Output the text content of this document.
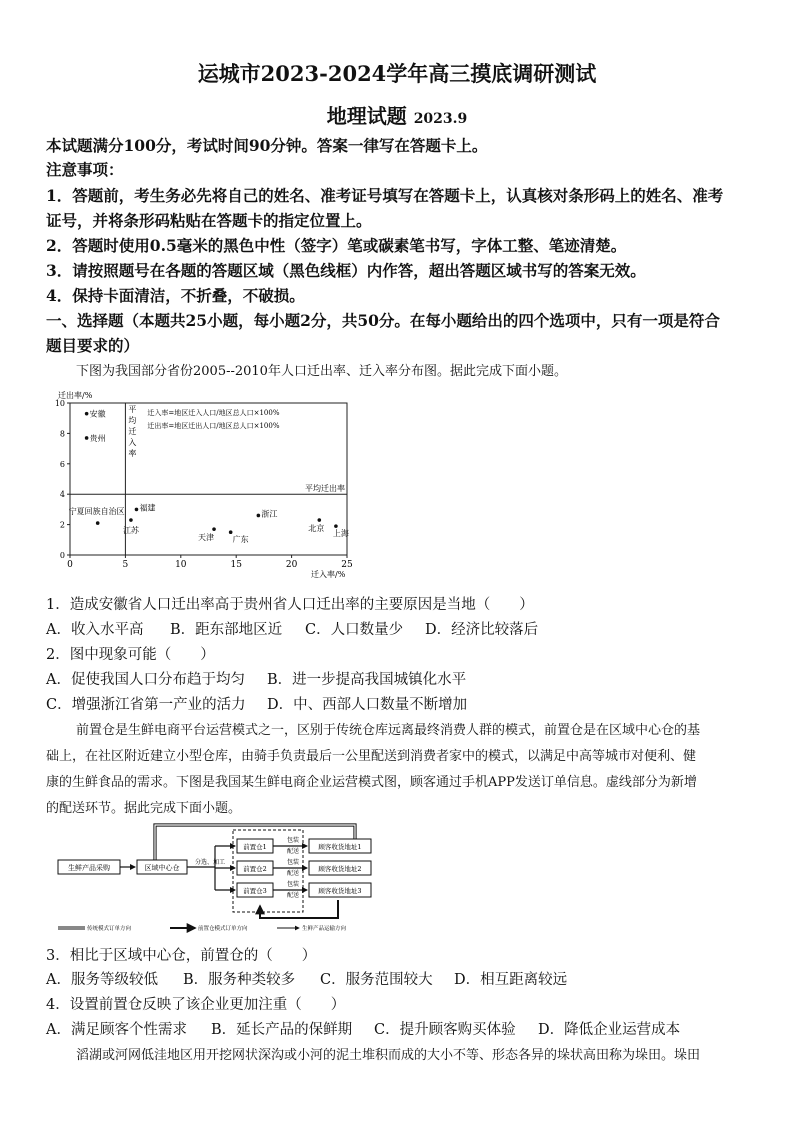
运城市2023-2024学年高三摸底调研测试
地理试题 2023.9
本试题满分100分，考试时间90分钟。答案一律写在答题卡上。
注意事项：
1．答题前，考生务必先将自己的姓名、准考证号填写在答题卡上，认真核对条形码上的姓名、准考
证号，并将条形码粘贴在答题卡的指定位置上。
2．答题时使用0.5毫米的黑色中性（签字）笔或碳素笔书写，字体工整、笔迹清楚。
3．请按照题号在各题的答题区域（黑色线框）内作答，超出答题区域书写的答案无效。
4．保持卡面清洁，不折叠，不破损。
一、选择题（本题共25小题，每小题2分，共50分。在每小题给出的四个选项中，只有一项是符合
题目要求的）
下图为我国部分省份2005--2010年人口迁出率、迁入率分布图。据此完成下面小题。
0	5	10	15	20	25
0
2
4
6
8
10
迁出率/%
迁入率/%
平
均
迁
入
率
平均迁出率
迁入率=地区迁入人口/地区总人口×100%
迁出率=地区迁出人口/地区总人口×100%
安徽
贵州
宁夏回族自治区 福建
江苏
天津 广东
浙江
北京
上海
1．造成安徽省人口迁出率高于贵州省人口迁出率的主要原因是当地（　　）
A．收入水平高 B．距东部地区近 C．人口数量少 D．经济比较落后
2．图中现象可能（　　）
A．促使我国人口分布趋于均匀 B．进一步提高我国城镇化水平
C．增强浙江省第一产业的活力 D．中、西部人口数量不断增加
前置仓是生鲜电商平台运营模式之一，区别于传统仓库远离最终消费人群的模式，前置仓是在区域中心仓的基
础上，在社区附近建立小型仓库，由骑手负责最后一公里配送到消费者家中的模式，以满足中高等城市对便利、健
康的生鲜食品的需求。下图是我国某生鲜电商企业运营模式图，顾客通过手机APP发送订单信息。虚线部分为新增
的配送环节。据此完成下面小题。
生鲜产品采购	区域中心仓
分选、加工
前置仓1
前置仓2
前置仓3
包装
配送
包装
配送
包装
配送
顾客收货地址1
顾客收货地址2
顾客收货地址3
传统模式订单方向	前置仓模式订单方向	生鲜产品运输方向
3．相比于区域中心仓，前置仓的（　　）
A．服务等级较低 B．服务种类较多 C．服务范围较大 D．相互距离较远
4．设置前置仓反映了该企业更加注重（　　）
A．满足顾客个性需求 B．延长产品的保鲜期 C．提升顾客购买体验 D．降低企业运营成本
滔湖或河网低洼地区用开挖网状深沟或小河的泥土堆积而成的大小不等、形态各异的垛状高田称为垛田。垛田
